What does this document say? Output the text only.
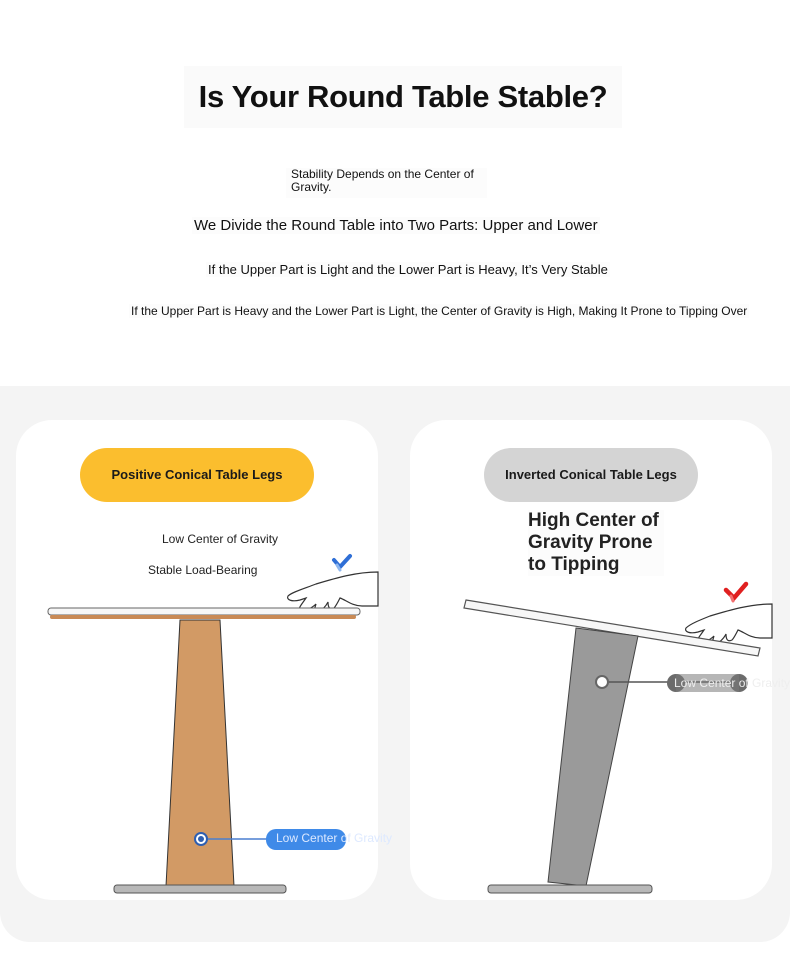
Is Your Round Table Stable?
Stability Depends on the Center of Gravity.
We Divide the Round Table into Two Parts: Upper and Lower
If the Upper Part is Light and the Lower Part is Heavy, It’s Very Stable
If the Upper Part is Heavy and the Lower Part is Light, the Center of Gravity is High, Making It Prone to Tipping Over
Positive Conical Table Legs
Low Center of Gravity
Stable Load-Bearing
Low Center of Gravity
Inverted Conical Table Legs
High Center of Gravity Prone to Tipping
Low Center of Gravity
